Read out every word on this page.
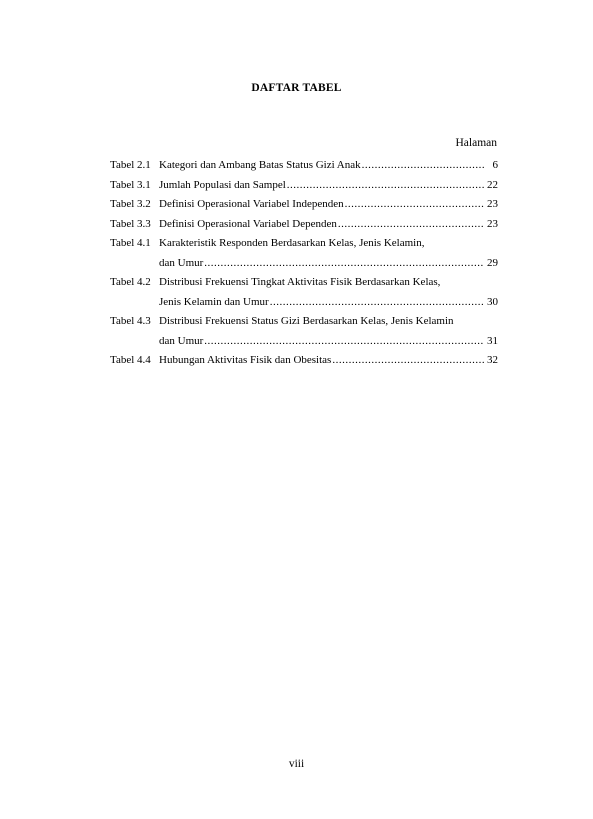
DAFTAR TABEL
Halaman
Tabel 2.1 Kategori dan Ambang Batas Status Gizi Anak .....	6
Tabel 3.1 Jumlah Populasi dan Sampel .....	22
Tabel 3.2 Definisi Operasional Variabel Independen .....	23
Tabel 3.3 Definisi Operasional Variabel Dependen .....	23
Tabel 4.1 Karakteristik Responden Berdasarkan Kelas, Jenis Kelamin,
dan Umur .....	29
Tabel 4.2 Distribusi Frekuensi Tingkat Aktivitas Fisik Berdasarkan Kelas,
Jenis Kelamin dan Umur .....	30
Tabel 4.3 Distribusi Frekuensi Status Gizi Berdasarkan Kelas, Jenis Kelamin
dan Umur .....	31
Tabel 4.4 Hubungan Aktivitas Fisik dan Obesitas .....	32
viii
